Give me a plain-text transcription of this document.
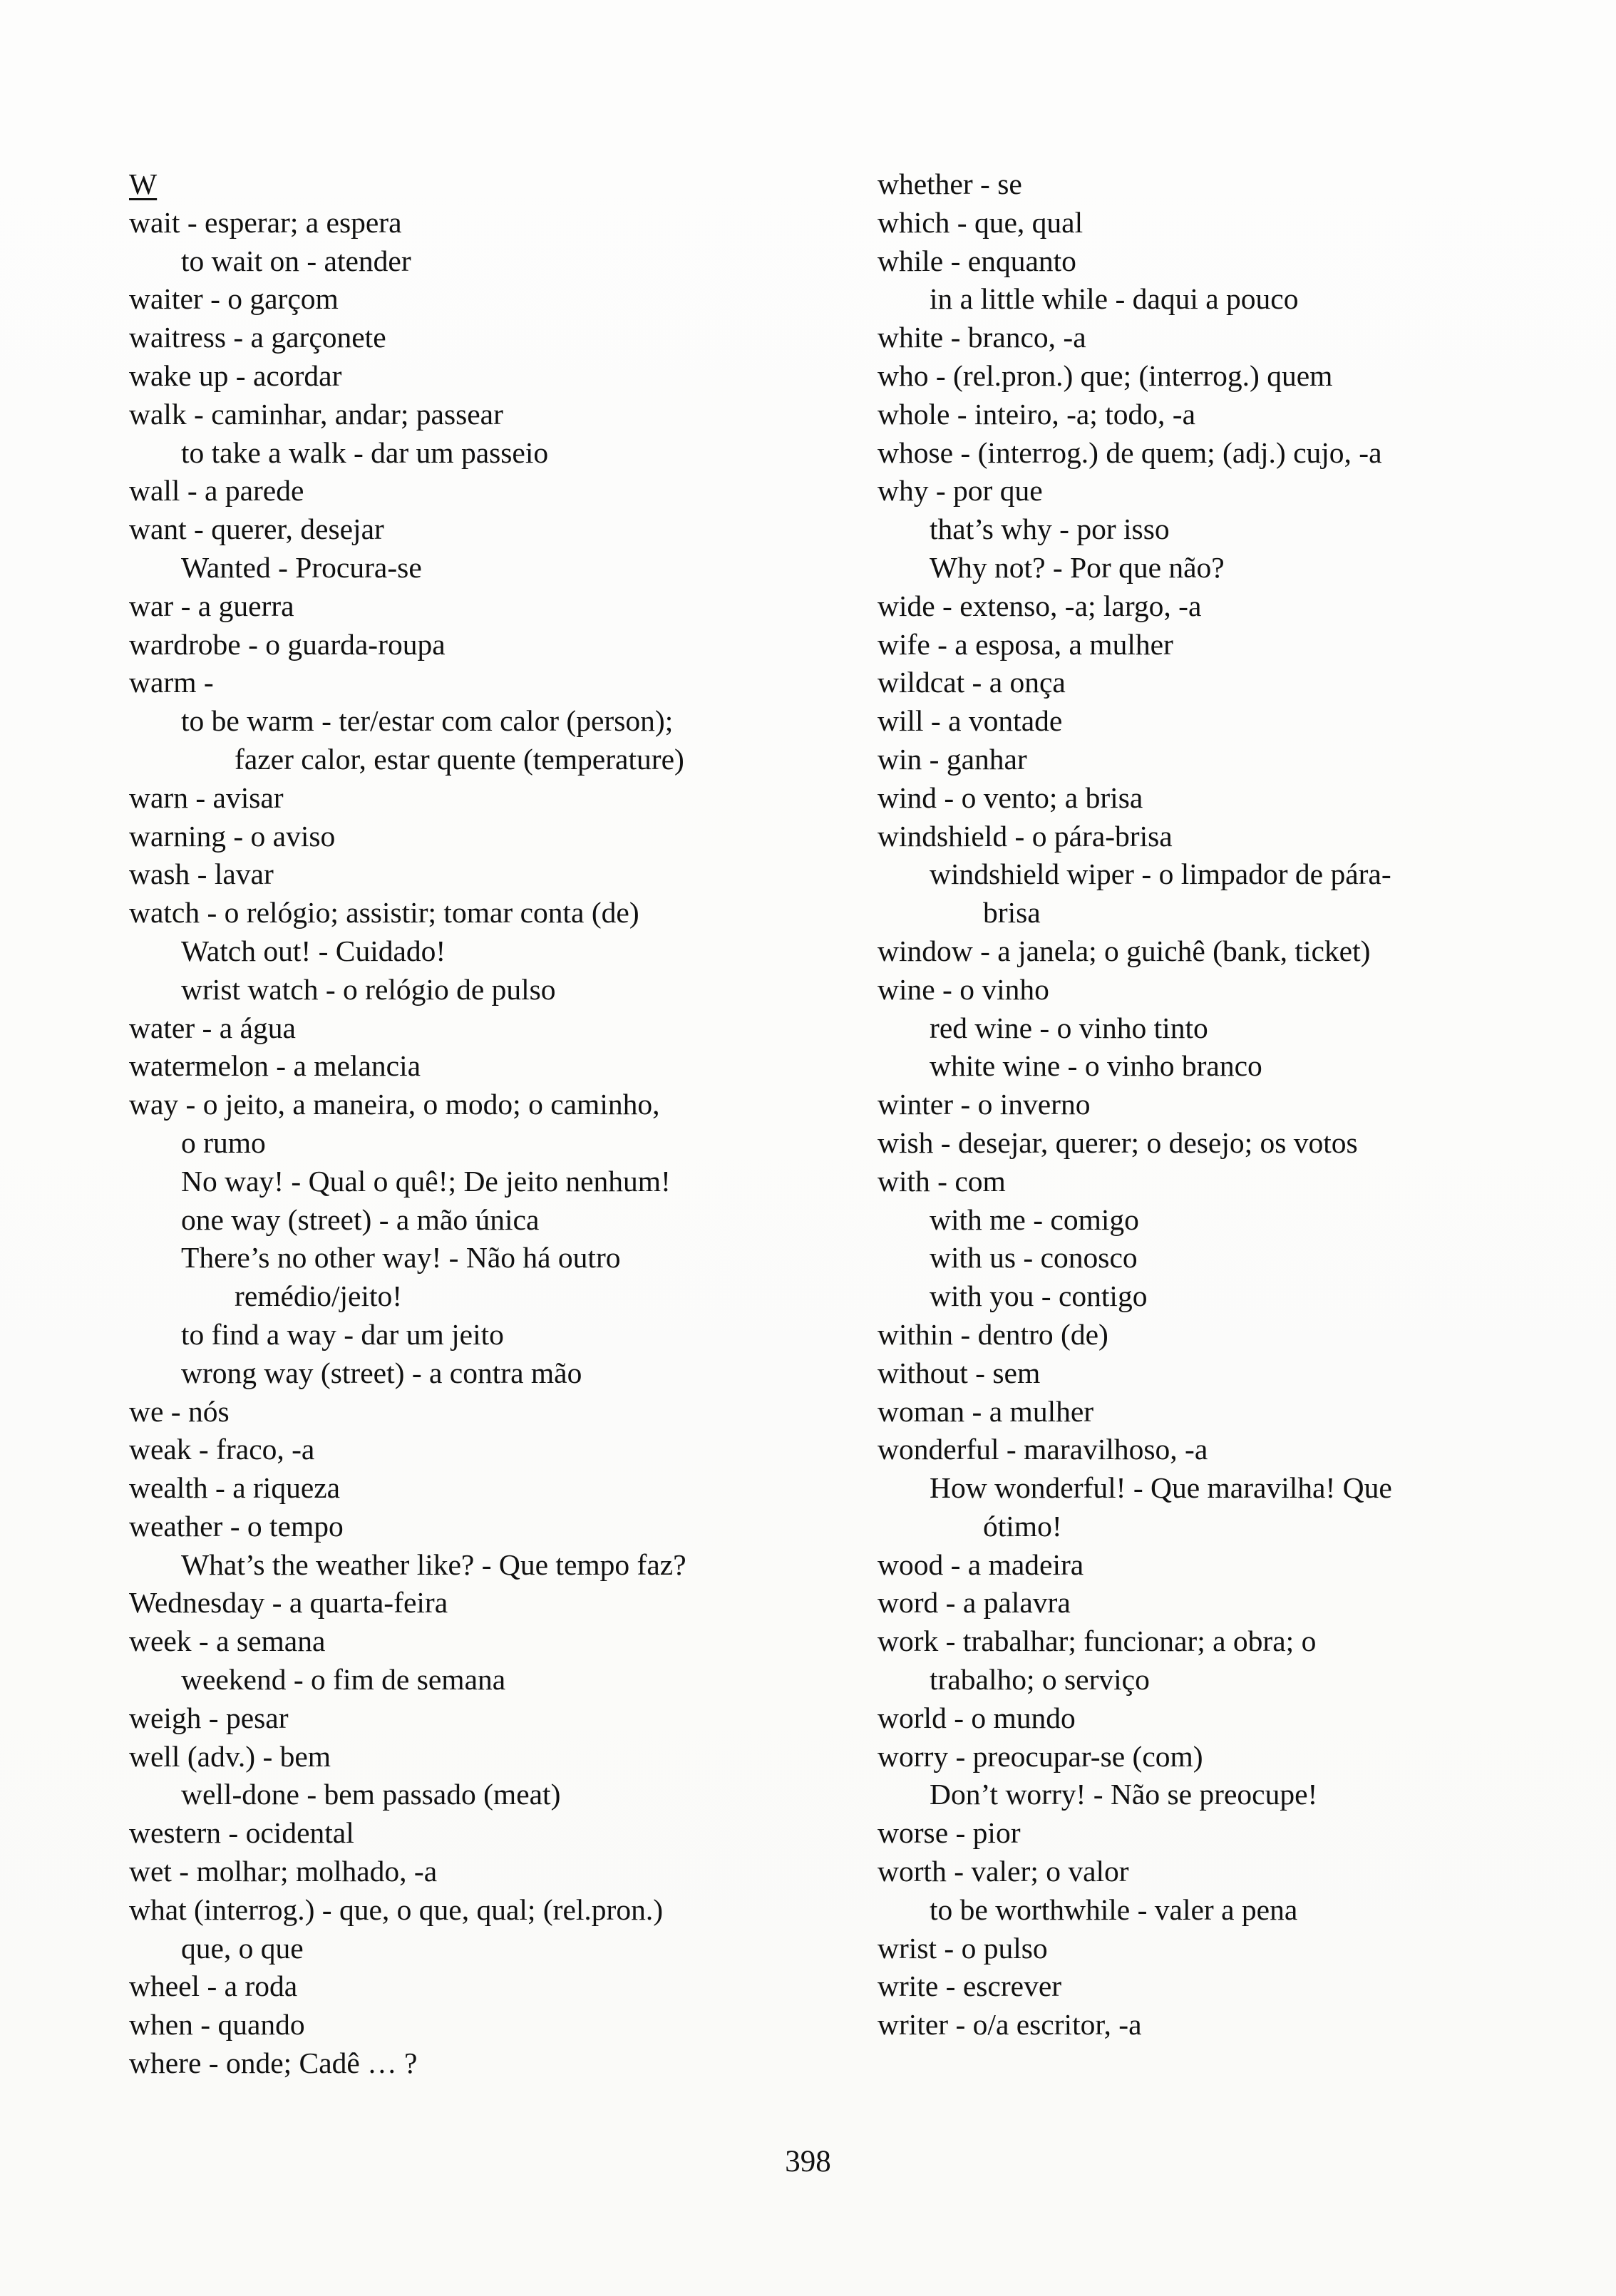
W
wait - esperar; a espera
to wait on - atender
waiter - o garçom
waitress - a garçonete
wake up - acordar
walk - caminhar, andar; passear
to take a walk - dar um passeio
wall - a parede
want - querer, desejar
Wanted - Procura-se
war - a guerra
wardrobe - o guarda-roupa
warm -
to be warm - ter/estar com calor (person);
fazer calor, estar quente (temperature)
warn - avisar
warning - o aviso
wash - lavar
watch - o relógio; assistir; tomar conta (de)
Watch out! - Cuidado!
wrist watch - o relógio de pulso
water - a água
watermelon - a melancia
way - o jeito, a maneira, o modo; o caminho,
o rumo
No way! - Qual o quê!; De jeito nenhum!
one way (street) - a mão única
There’s no other way! - Não há outro
remédio/jeito!
to find a way - dar um jeito
wrong way (street) - a contra mão
we - nós
weak - fraco, -a
wealth - a riqueza
weather - o tempo
What’s the weather like? - Que tempo faz?
Wednesday - a quarta-feira
week - a semana
weekend - o fim de semana
weigh - pesar
well (adv.) - bem
well-done - bem passado (meat)
western - ocidental
wet - molhar; molhado, -a
what (interrog.) - que, o que, qual; (rel.pron.)
que, o que
wheel - a roda
when - quando
where - onde; Cadê … ?
whether - se
which - que, qual
while - enquanto
in a little while - daqui a pouco
white - branco, -a
who - (rel.pron.) que; (interrog.) quem
whole - inteiro, -a; todo, -a
whose - (interrog.) de quem; (adj.) cujo, -a
why - por que
that’s why - por isso
Why not? - Por que não?
wide - extenso, -a; largo, -a
wife - a esposa, a mulher
wildcat - a onça
will - a vontade
win - ganhar
wind - o vento; a brisa
windshield - o pára-brisa
windshield wiper - o limpador de pára-
brisa
window - a janela; o guichê (bank, ticket)
wine - o vinho
red wine - o vinho tinto
white wine - o vinho branco
winter - o inverno
wish - desejar, querer; o desejo; os votos
with - com
with me - comigo
with us - conosco
with you - contigo
within - dentro (de)
without - sem
woman - a mulher
wonderful - maravilhoso, -a
How wonderful! - Que maravilha! Que
ótimo!
wood - a madeira
word - a palavra
work - trabalhar; funcionar; a obra; o
trabalho; o serviço
world - o mundo
worry - preocupar-se (com)
Don’t worry! - Não se preocupe!
worse - pior
worth - valer; o valor
to be worthwhile - valer a pena
wrist - o pulso
write - escrever
writer - o/a escritor, -a
398
